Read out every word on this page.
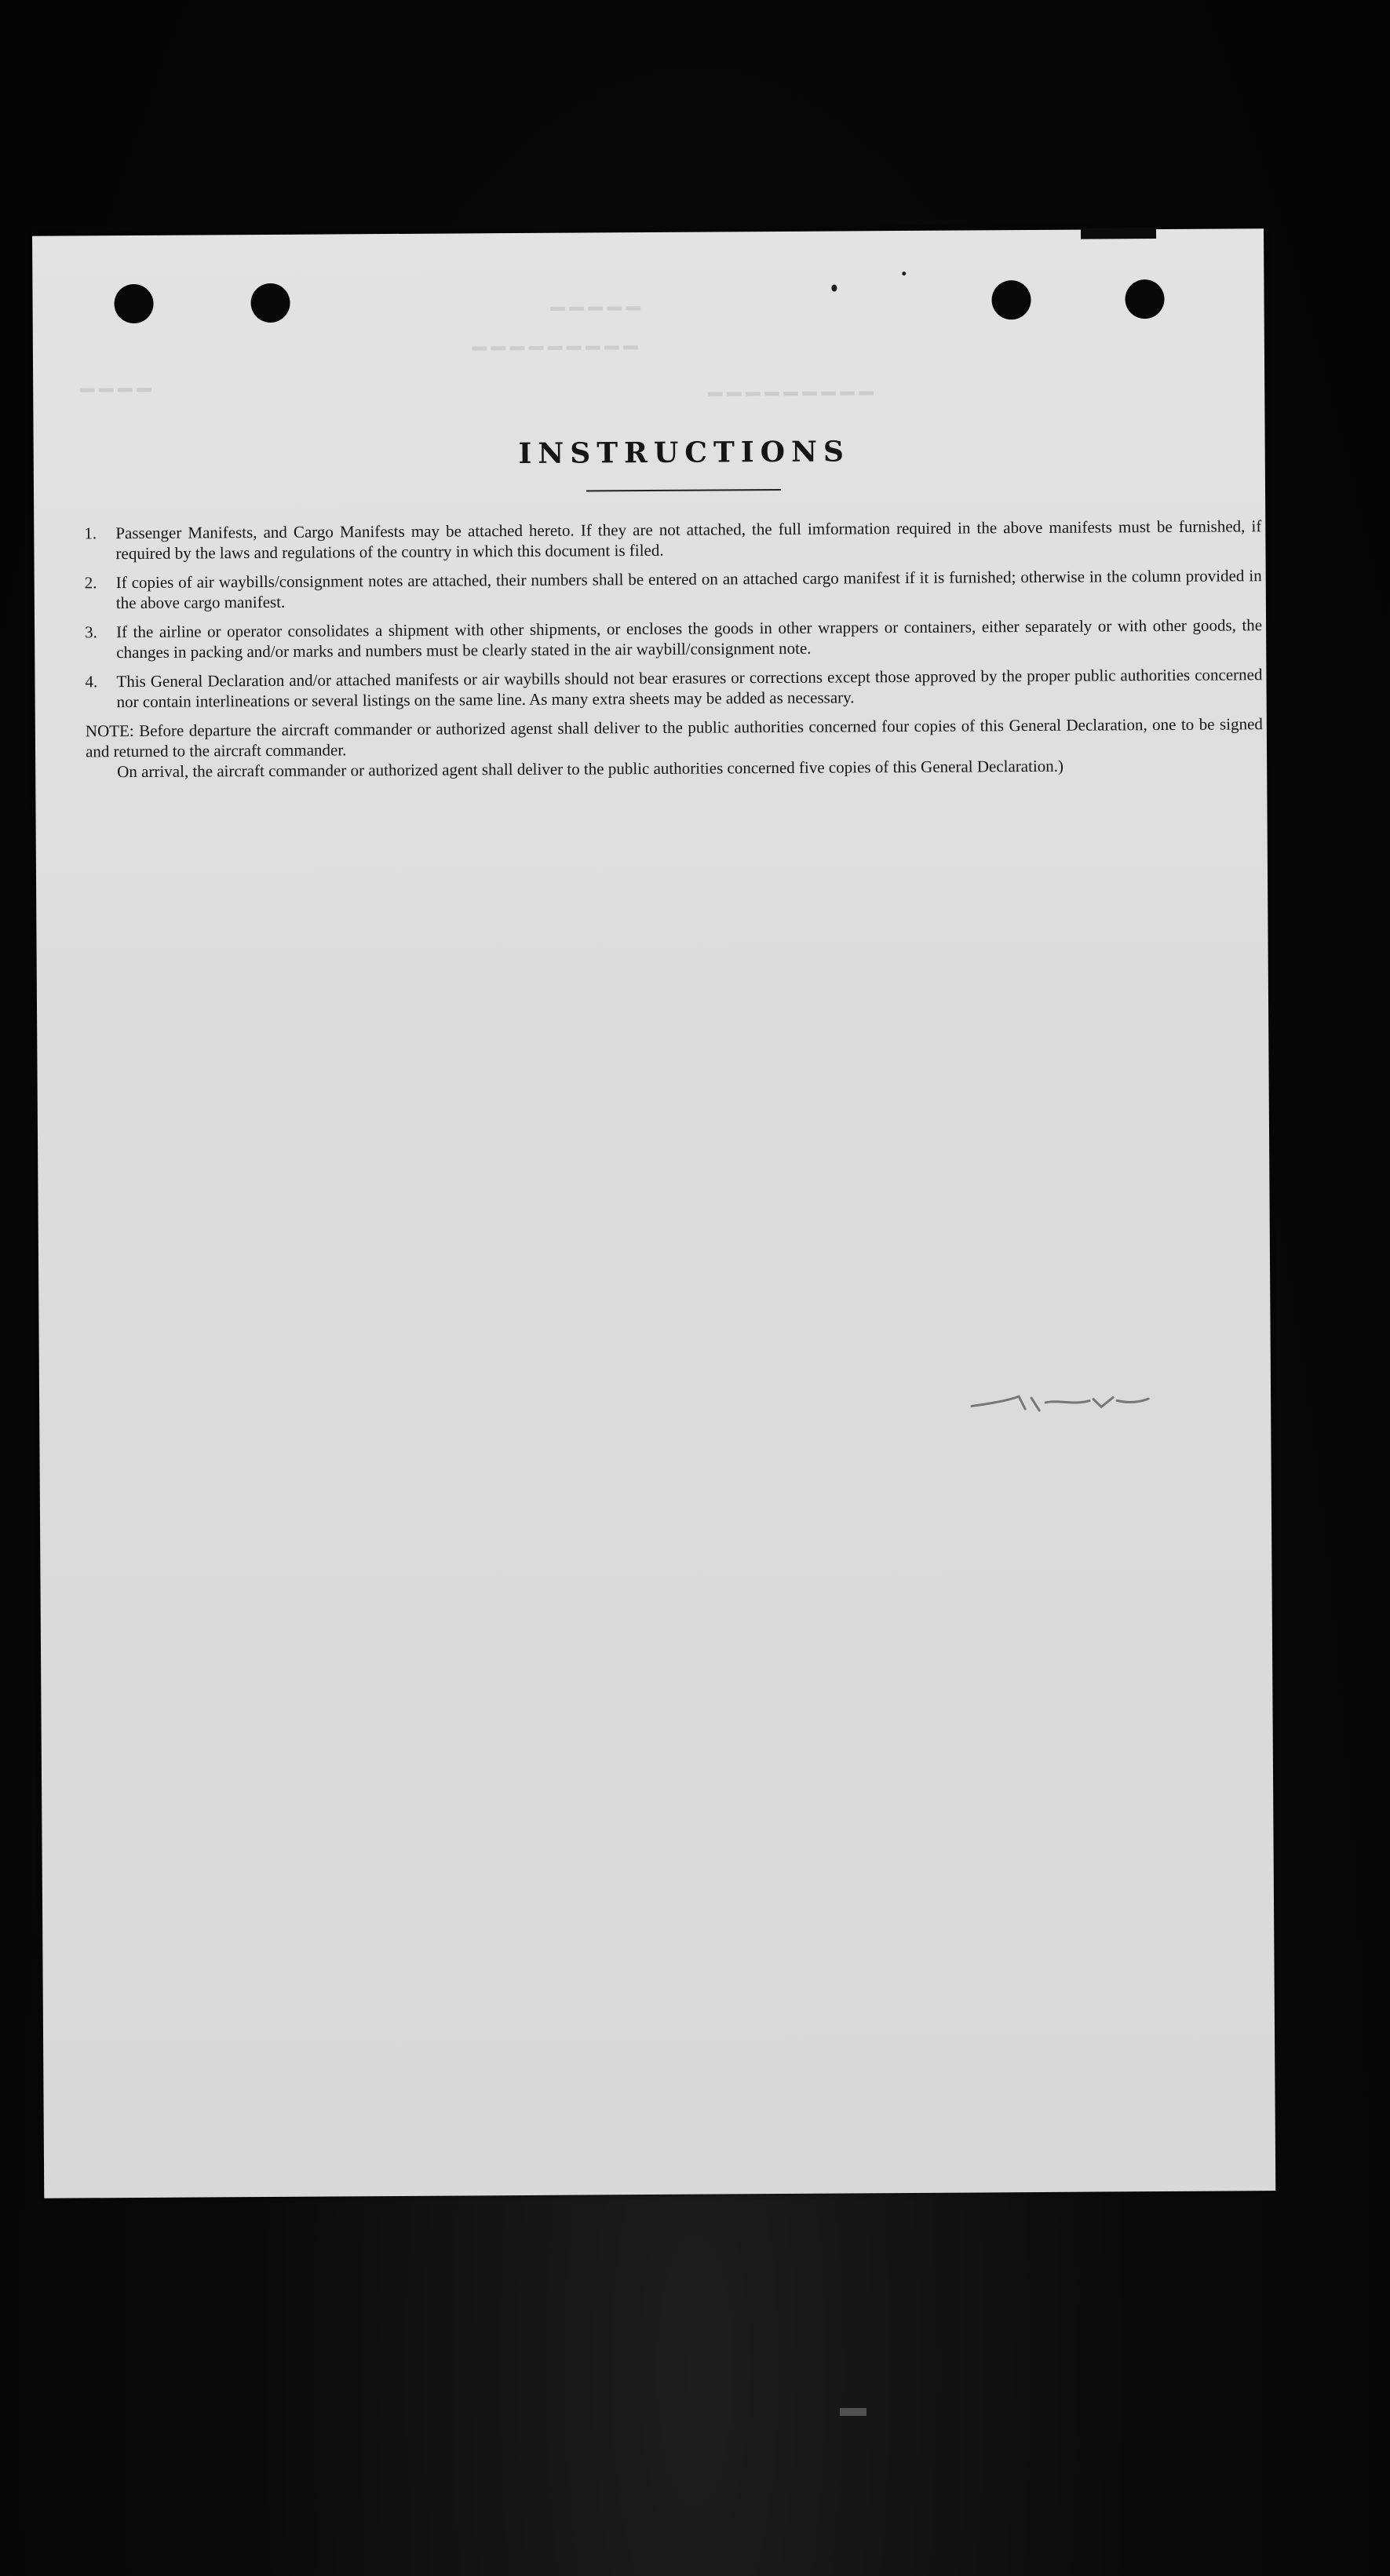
━━━━━
━━━━━━━━━
━━━━	━━━━━━━━━
INSTRUCTIONS
1. Passenger Manifests, and Cargo Manifests may be attached hereto. If they are not attached, the full imformation required in the above manifests must be furnished, if required by the laws and regulations of the country in which this document is filed.
2. If copies of air waybills/consignment notes are attached, their numbers shall be entered on an attached cargo manifest if it is furnished; otherwise in the column provided in the above cargo manifest.
3. If the airline or operator consolidates a shipment with other shipments, or encloses the goods in other wrappers or containers, either separately or with other goods, the changes in packing and/or marks and numbers must be clearly stated in the air waybill/consignment note.
4. This General Declaration and/or attached manifests or air waybills should not bear erasures or corrections except those approved by the proper public authorities concerned nor contain interlineations or several listings on the same line. As many extra sheets may be added as necessary.
NOTE: Before departure the aircraft commander or authorized agenst shall deliver to the public authorities concerned four copies of this General Declaration, one to be signed and returned to the aircraft commander.
On arrival, the aircraft commander or authorized agent shall deliver to the public authorities concerned five copies of this General Declaration.)
